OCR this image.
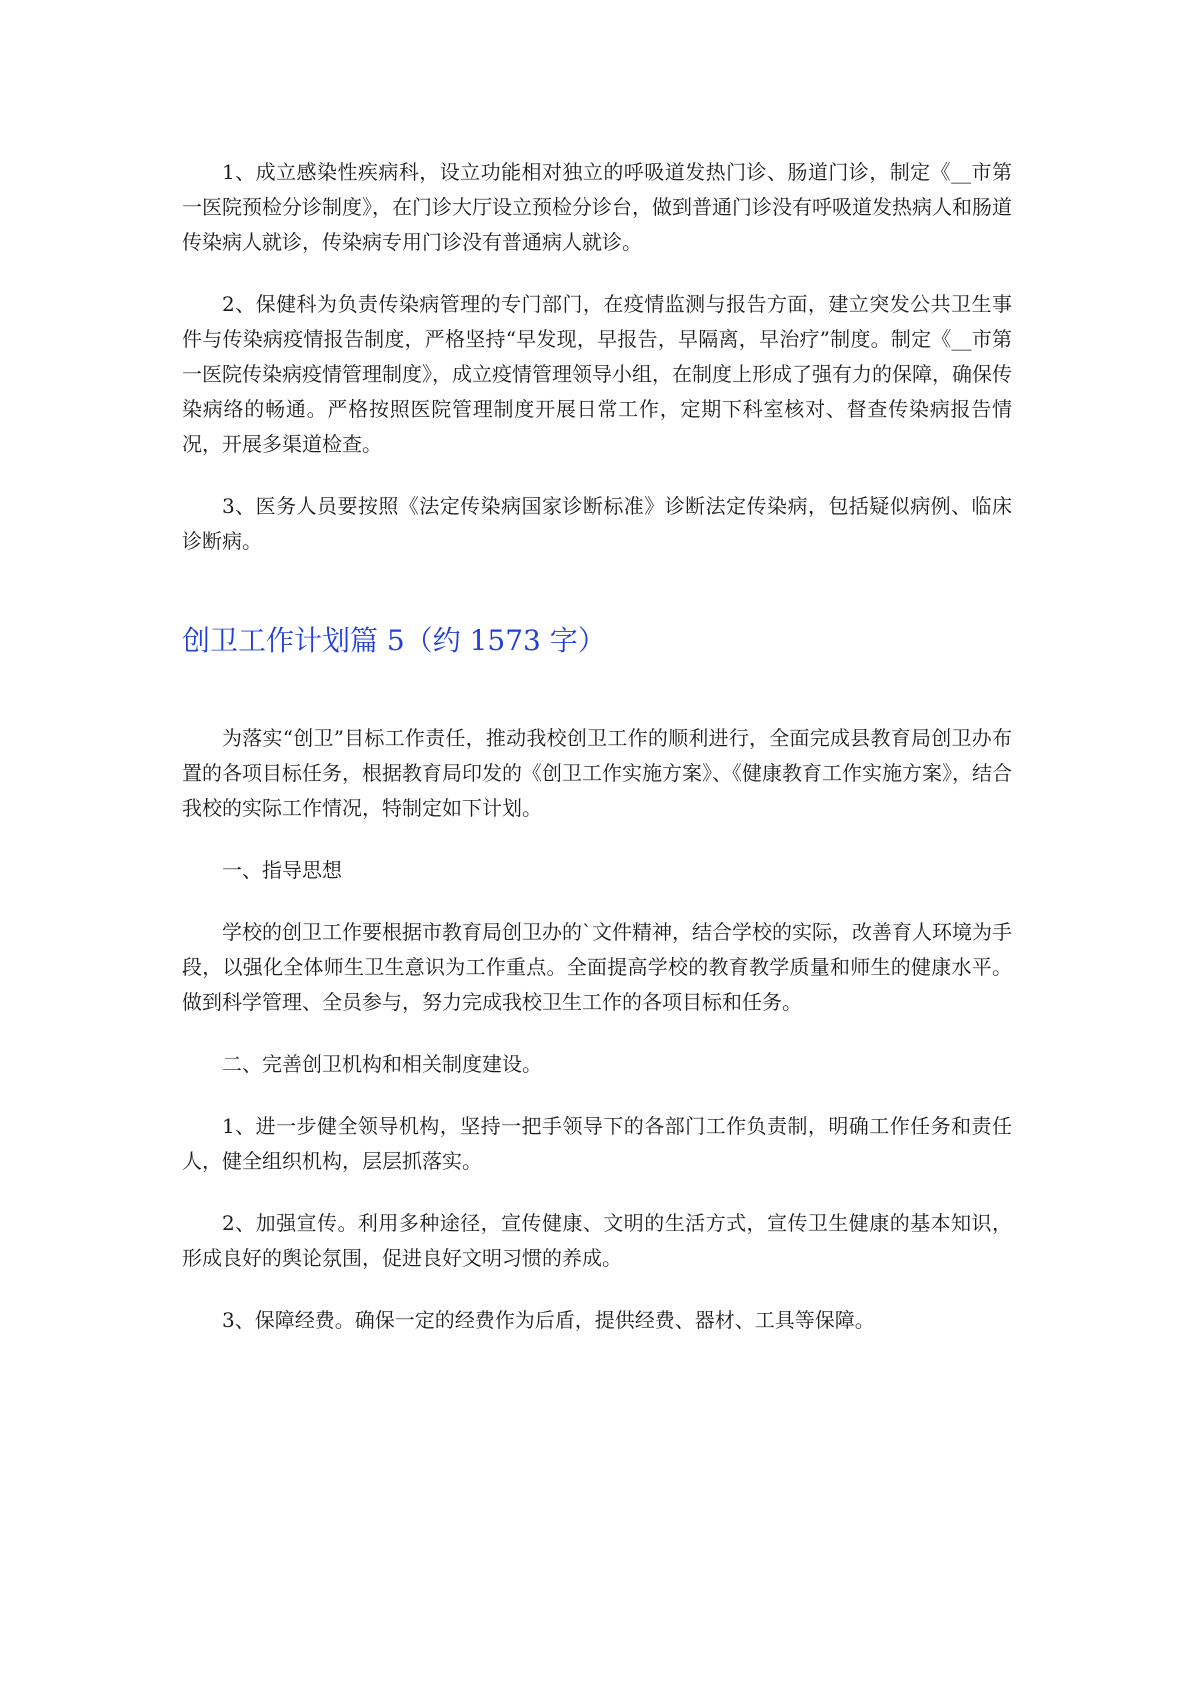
1、成立感染性疾病科，设立功能相对独立的呼吸道发热门诊、肠道门诊，制定《__市第一医院预检分诊制度》，在门诊大厅设立预检分诊台，做到普通门诊没有呼吸道发热病人和肠道传染病人就诊，传染病专用门诊没有普通病人就诊。

2、保健科为负责传染病管理的专门部门，在疫情监测与报告方面，建立突发公共卫生事件与传染病疫情报告制度，严格坚持“早发现，早报告，早隔离，早治疗”制度。制定《__市第一医院传染病疫情管理制度》，成立疫情管理领导小组，在制度上形成了强有力的保障，确保传染病络的畅通。严格按照医院管理制度开展日常工作，定期下科室核对、督查传染病报告情况，开展多渠道检查。

3、医务人员要按照《法定传染病国家诊断标准》诊断法定传染病，包括疑似病例、临床诊断病。

创卫工作计划篇 5（约 1573 字）

为落实“创卫”目标工作责任，推动我校创卫工作的顺利进行，全面完成县教育局创卫办布置的各项目标任务，根据教育局印发的《创卫工作实施方案》、《健康教育工作实施方案》，结合我校的实际工作情况，特制定如下计划。

一、指导思想

学校的创卫工作要根据市教育局创卫办的`文件精神，结合学校的实际，改善育人环境为手段，以强化全体师生卫生意识为工作重点。全面提高学校的教育教学质量和师生的健康水平。做到科学管理、全员参与，努力完成我校卫生工作的各项目标和任务。

二、完善创卫机构和相关制度建设。

1、进一步健全领导机构，坚持一把手领导下的各部门工作负责制，明确工作任务和责任人，健全组织机构，层层抓落实。

2、加强宣传。利用多种途径，宣传健康、文明的生活方式，宣传卫生健康的基本知识，形成良好的舆论氛围，促进良好文明习惯的养成。

3、保障经费。确保一定的经费作为后盾，提供经费、器材、工具等保障。
